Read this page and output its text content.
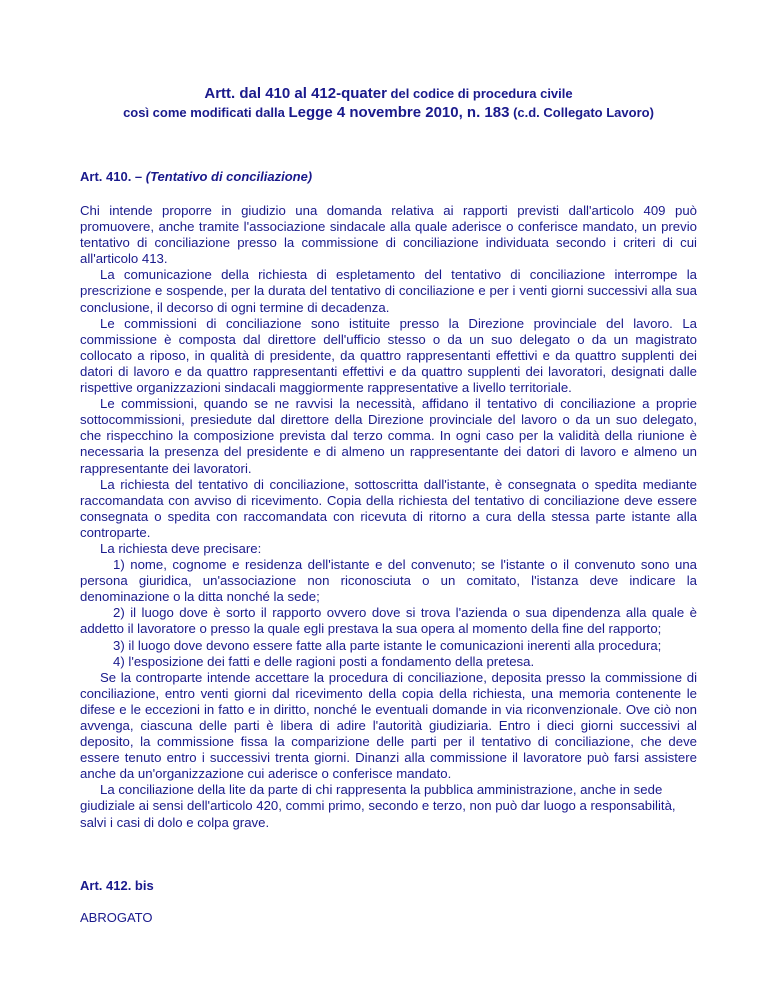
Artt. dal 410 al 412-quater del codice di procedura civile
così come modificati dalla Legge 4 novembre 2010, n. 183 (c.d. Collegato Lavoro)
Art. 410. – (Tentativo di conciliazione)

Chi intende proporre in giudizio una domanda relativa ai rapporti previsti dall'articolo 409 può promuovere, anche tramite l'associazione sindacale alla quale aderisce o conferisce mandato, un previo tentativo di conciliazione presso la commissione di conciliazione individuata secondo i criteri di cui all'articolo 413.

La comunicazione della richiesta di espletamento del tentativo di conciliazione interrompe la prescrizione e sospende, per la durata del tentativo di conciliazione e per i venti giorni successivi alla sua conclusione, il decorso di ogni termine di decadenza.

Le commissioni di conciliazione sono istituite presso la Direzione provinciale del lavoro. La commissione è composta dal direttore dell'ufficio stesso o da un suo delegato o da un magistrato collocato a riposo, in qualità di presidente, da quattro rappresentanti effettivi e da quattro supplenti dei datori di lavoro e da quattro rappresentanti effettivi e da quattro supplenti dei lavoratori, designati dalle rispettive organizzazioni sindacali maggiormente rappresentative a livello territoriale.

Le commissioni, quando se ne ravvisi la necessità, affidano il tentativo di conciliazione a proprie sottocommissioni, presiedute dal direttore della Direzione provinciale del lavoro o da un suo delegato, che rispecchino la composizione prevista dal terzo comma. In ogni caso per la validità della riunione è necessaria la presenza del presidente e di almeno un rappresentante dei datori di lavoro e almeno un rappresentante dei lavoratori.

La richiesta del tentativo di conciliazione, sottoscritta dall'istante, è consegnata o spedita mediante raccomandata con avviso di ricevimento. Copia della richiesta del tentativo di conciliazione deve essere consegnata o spedita con raccomandata con ricevuta di ritorno a cura della stessa parte istante alla controparte.

La richiesta deve precisare:

1) nome, cognome e residenza dell'istante e del convenuto; se l'istante o il convenuto sono una persona giuridica, un'associazione non riconosciuta o un comitato, l'istanza deve indicare la denominazione o la ditta nonché la sede;

2) il luogo dove è sorto il rapporto ovvero dove si trova l'azienda o sua dipendenza alla quale è addetto il lavoratore o presso la quale egli prestava la sua opera al momento della fine del rapporto;

3) il luogo dove devono essere fatte alla parte istante le comunicazioni inerenti alla procedura;

4) l'esposizione dei fatti e delle ragioni posti a fondamento della pretesa.

Se la controparte intende accettare la procedura di conciliazione, deposita presso la commissione di conciliazione, entro venti giorni dal ricevimento della copia della richiesta, una memoria contenente le difese e le eccezioni in fatto e in diritto, nonché le eventuali domande in via riconvenzionale. Ove ciò non avvenga, ciascuna delle parti è libera di adire l'autorità giudiziaria. Entro i dieci giorni successivi al deposito, la commissione fissa la comparizione delle parti per il tentativo di conciliazione, che deve essere tenuto entro i successivi trenta giorni. Dinanzi alla commissione il lavoratore può farsi assistere anche da un'organizzazione cui aderisce o conferisce mandato.

La conciliazione della lite da parte di chi rappresenta la pubblica amministrazione, anche in sede giudiziale ai sensi dell'articolo 420, commi primo, secondo e terzo, non può dar luogo a responsabilità, salvi i casi di dolo e colpa grave.

Art. 412. bis
ABROGATO
